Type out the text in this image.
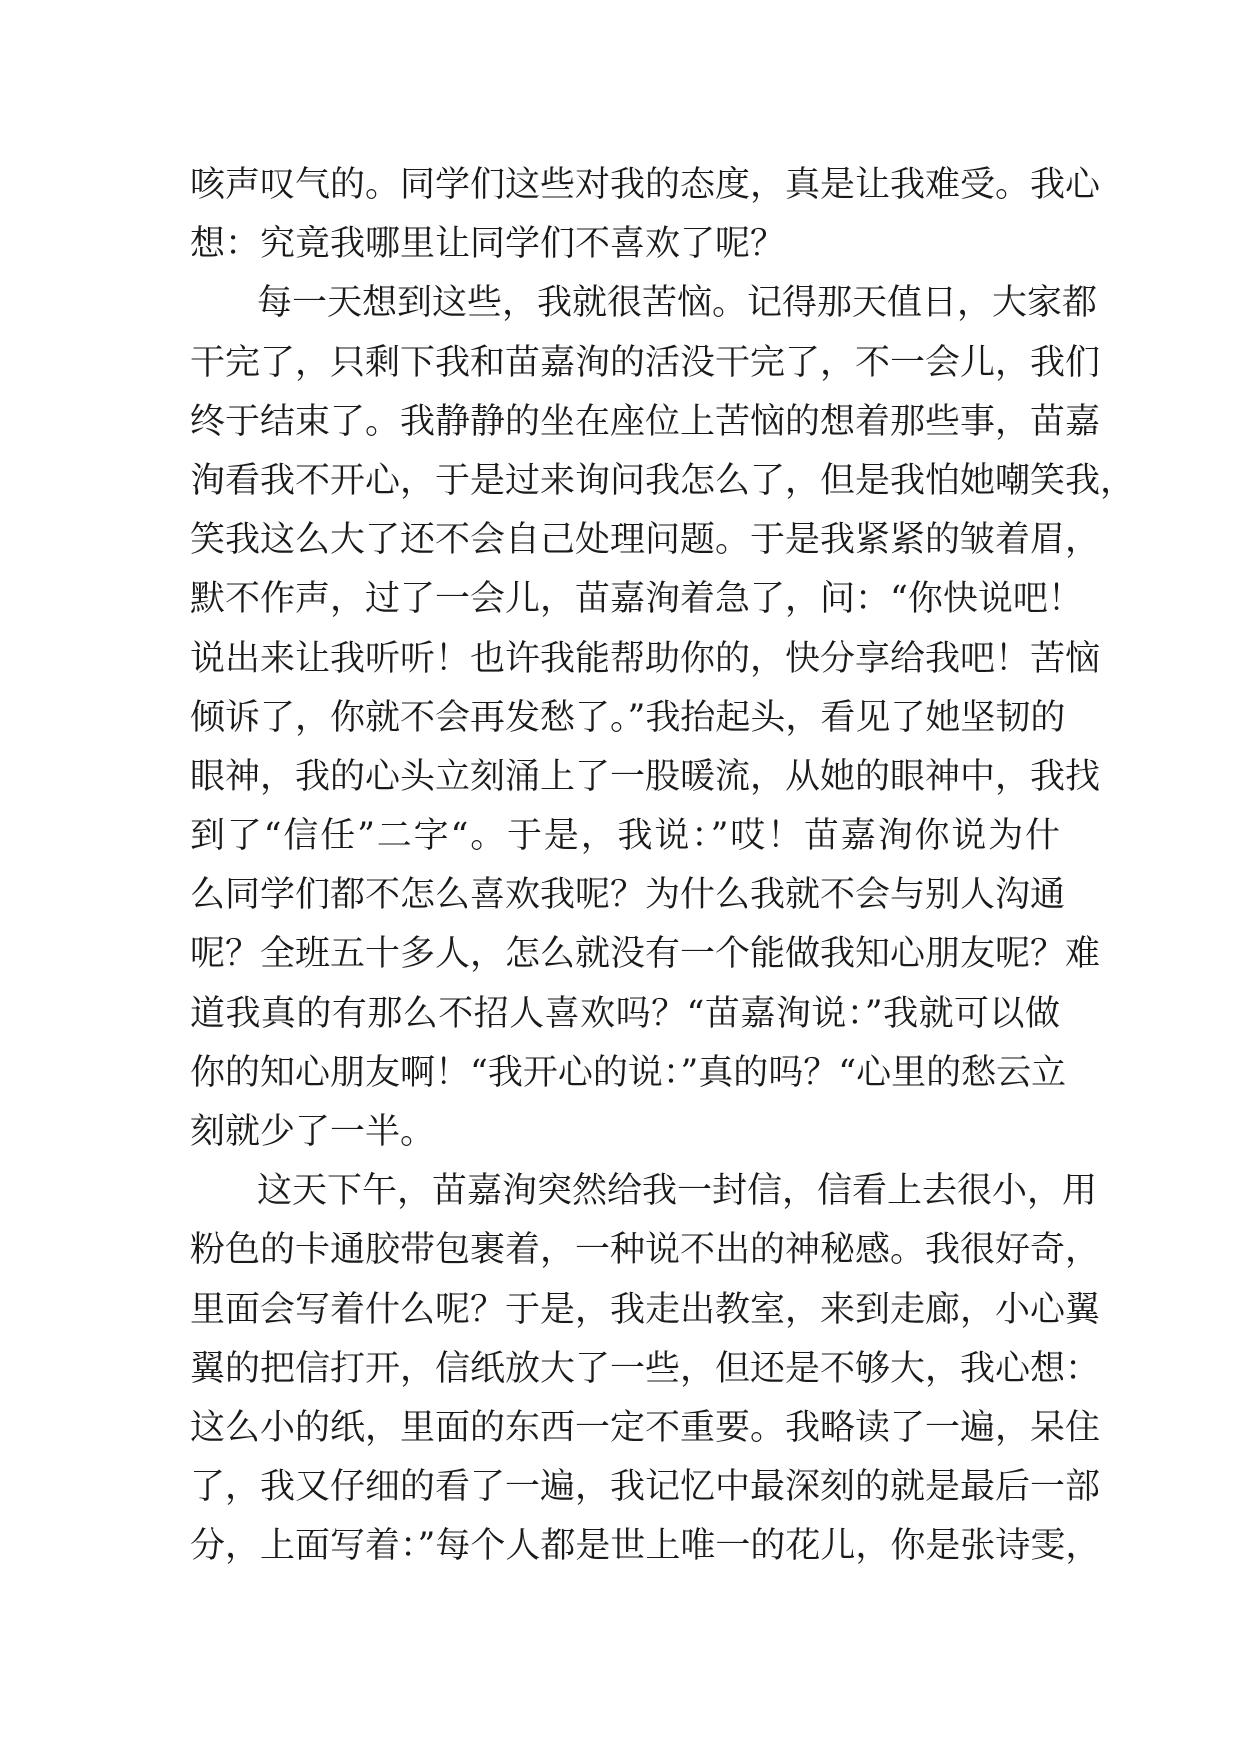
咳声叹气的。同学们这些对我的态度，真是让我难受。我心
想：究竟我哪里让同学们不喜欢了呢？
每一天想到这些，我就很苦恼。记得那天值日，大家都
干完了，只剩下我和苗嘉洵的活没干完了，不一会儿，我们
终于结束了。我静静的坐在座位上苦恼的想着那些事，苗嘉
洵看我不开心，于是过来询问我怎么了，但是我怕她嘲笑我，
笑我这么大了还不会自己处理问题。于是我紧紧的皱着眉，
默不作声，过了一会儿，苗嘉洵着急了，问：“你快说吧！
说出来让我听听！也许我能帮助你的，快分享给我吧！苦恼
倾诉了，你就不会再发愁了。”我抬起头，看见了她坚韧的
眼神，我的心头立刻涌上了一股暖流，从她的眼神中，我找
到了“信任”二字“。于是，我说：”哎！苗嘉洵你说为什
么同学们都不怎么喜欢我呢？为什么我就不会与别人沟通
呢？全班五十多人，怎么就没有一个能做我知心朋友呢？难
道我真的有那么不招人喜欢吗？“苗嘉洵说：”我就可以做
你的知心朋友啊！“我开心的说：”真的吗？“心里的愁云立
刻就少了一半。
这天下午，苗嘉洵突然给我一封信，信看上去很小，用
粉色的卡通胶带包裹着，一种说不出的神秘感。我很好奇，
里面会写着什么呢？于是，我走出教室，来到走廊，小心翼
翼的把信打开，信纸放大了一些，但还是不够大，我心想：
这么小的纸，里面的东西一定不重要。我略读了一遍，呆住
了，我又仔细的看了一遍，我记忆中最深刻的就是最后一部
分，上面写着：”每个人都是世上唯一的花儿，你是张诗雯，
